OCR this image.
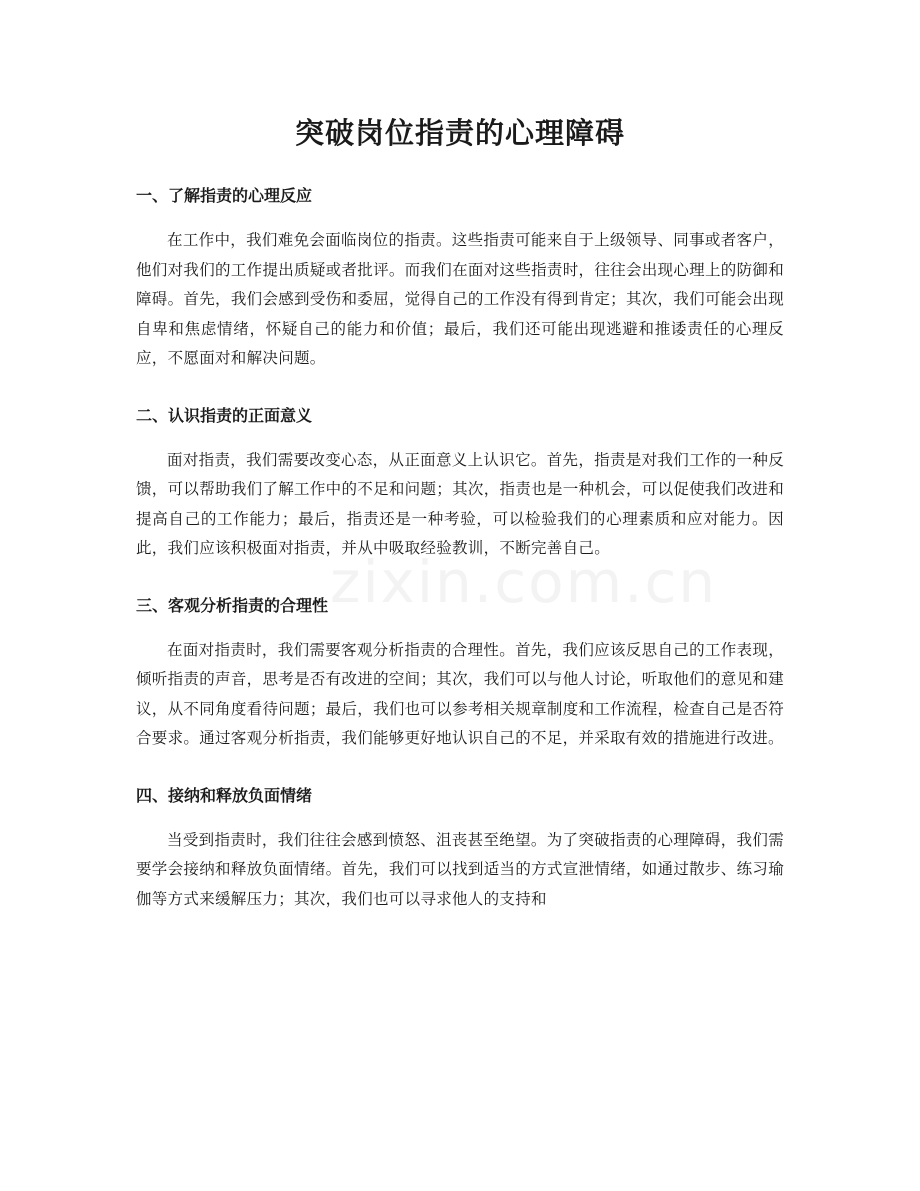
zixin.com.cn
突破岗位指责的心理障碍
一、了解指责的心理反应

在工作中，我们难免会面临岗位的指责。这些指责可能来自于上级领导、同事或者客户，他们对我们的工作提出质疑或者批评。而我们在面对这些指责时，往往会出现心理上的防御和障碍。首先，我们会感到受伤和委屈，觉得自己的工作没有得到肯定；其次，我们可能会出现自卑和焦虑情绪，怀疑自己的能力和价值；最后，我们还可能出现逃避和推诿责任的心理反应，不愿面对和解决问题。

二、认识指责的正面意义

面对指责，我们需要改变心态，从正面意义上认识它。首先，指责是对我们工作的一种反馈，可以帮助我们了解工作中的不足和问题；其次，指责也是一种机会，可以促使我们改进和提高自己的工作能力；最后，指责还是一种考验，可以检验我们的心理素质和应对能力。因此，我们应该积极面对指责，并从中吸取经验教训，不断完善自己。

三、客观分析指责的合理性

在面对指责时，我们需要客观分析指责的合理性。首先，我们应该反思自己的工作表现，倾听指责的声音，思考是否有改进的空间；其次，我们可以与他人讨论，听取他们的意见和建议，从不同角度看待问题；最后，我们也可以参考相关规章制度和工作流程，检查自己是否符合要求。通过客观分析指责，我们能够更好地认识自己的不足，并采取有效的措施进行改进。

四、接纳和释放负面情绪

当受到指责时，我们往往会感到愤怒、沮丧甚至绝望。为了突破指责的心理障碍，我们需要学会接纳和释放负面情绪。首先，我们可以找到适当的方式宣泄情绪，如通过散步、练习瑜伽等方式来缓解压力；其次，我们也可以寻求他人的支持和
